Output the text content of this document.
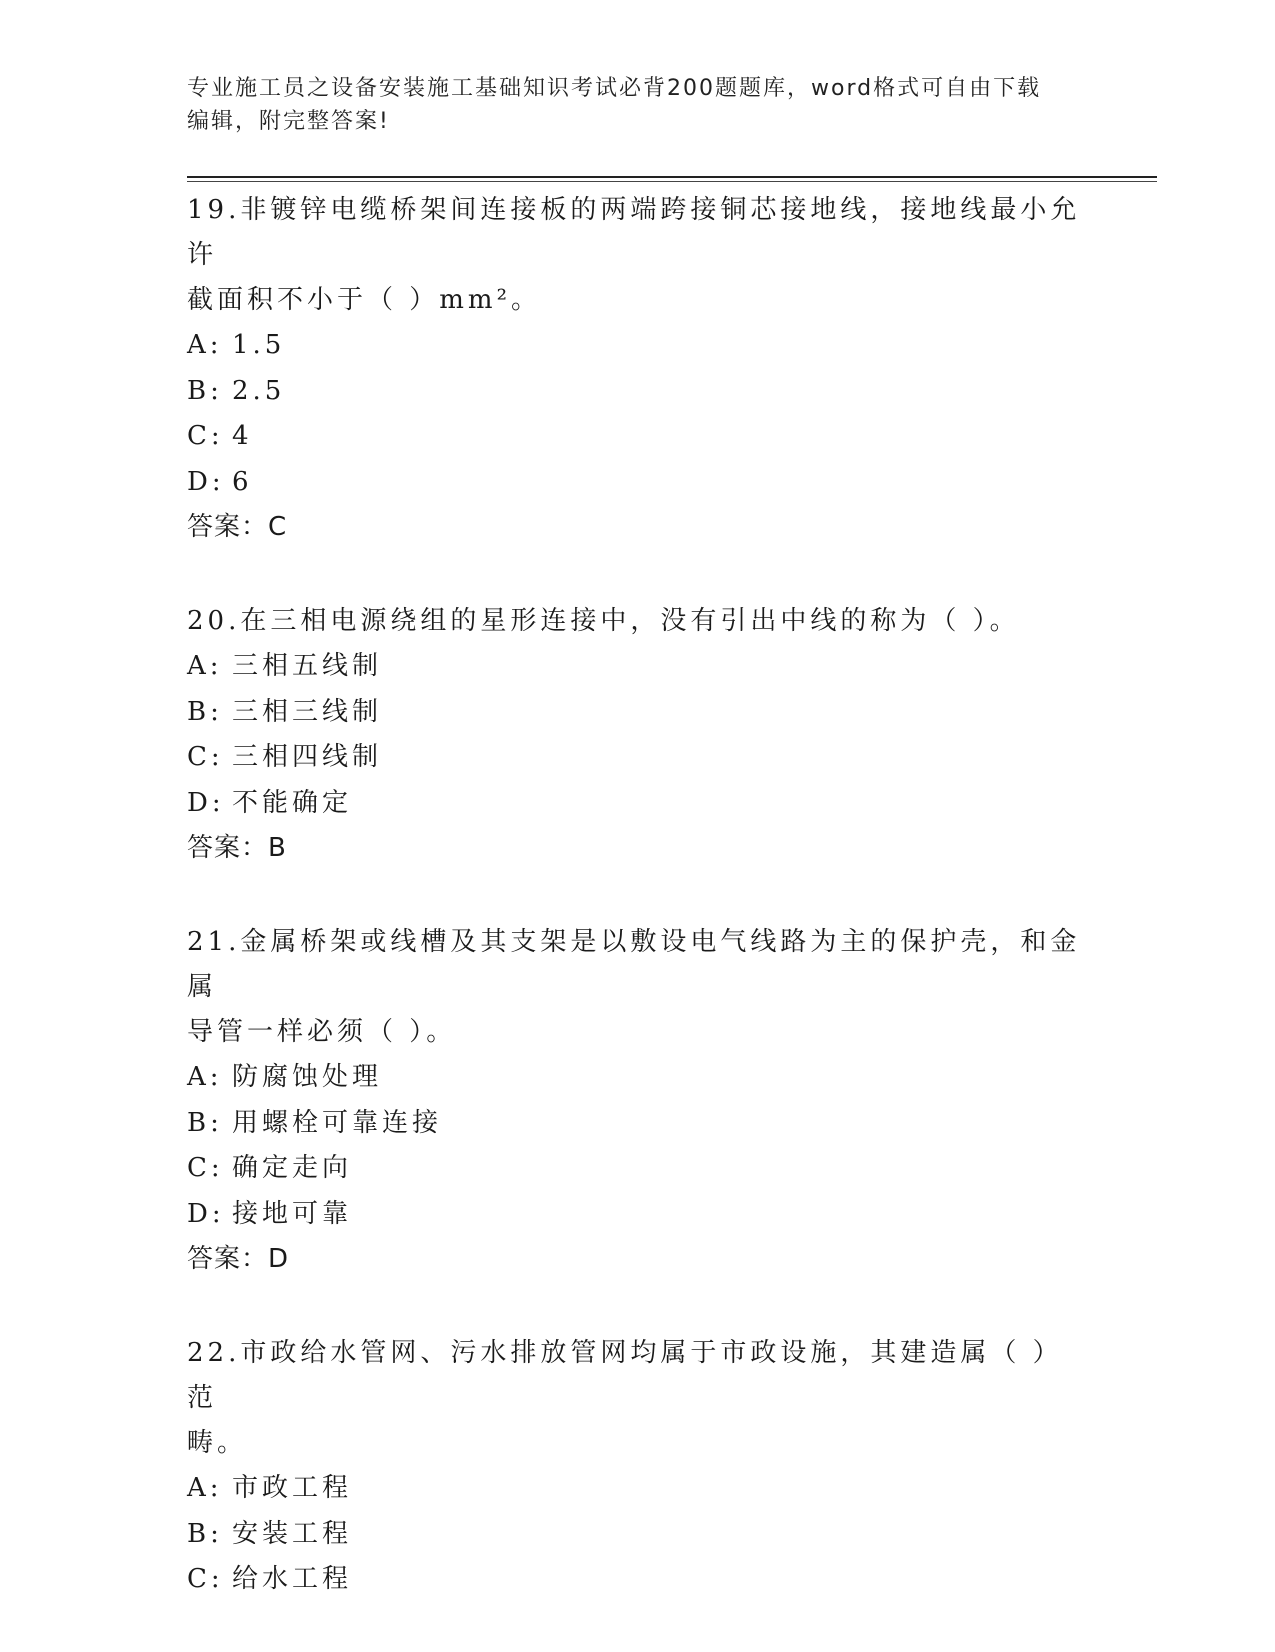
专业施工员之设备安装施工基础知识考试必背200题题库，word格式可自由下载
编辑，附完整答案!
19.非镀锌电缆桥架间连接板的两端跨接铜芯接地线，接地线最小允许
截面积不小于（ ）mm²。
A: 1.5
B: 2.5
C: 4
D: 6
答案：C
20.在三相电源绕组的星形连接中，没有引出中线的称为（ ）。
A: 三相五线制
B: 三相三线制
C: 三相四线制
D: 不能确定
答案：B
21.金属桥架或线槽及其支架是以敷设电气线路为主的保护壳，和金属
导管一样必须（ ）。
A: 防腐蚀处理
B: 用螺栓可靠连接
C: 确定走向
D: 接地可靠
答案：D
22.市政给水管网、污水排放管网均属于市政设施，其建造属（ ）范
畴。
A: 市政工程
B: 安装工程
C: 给水工程
